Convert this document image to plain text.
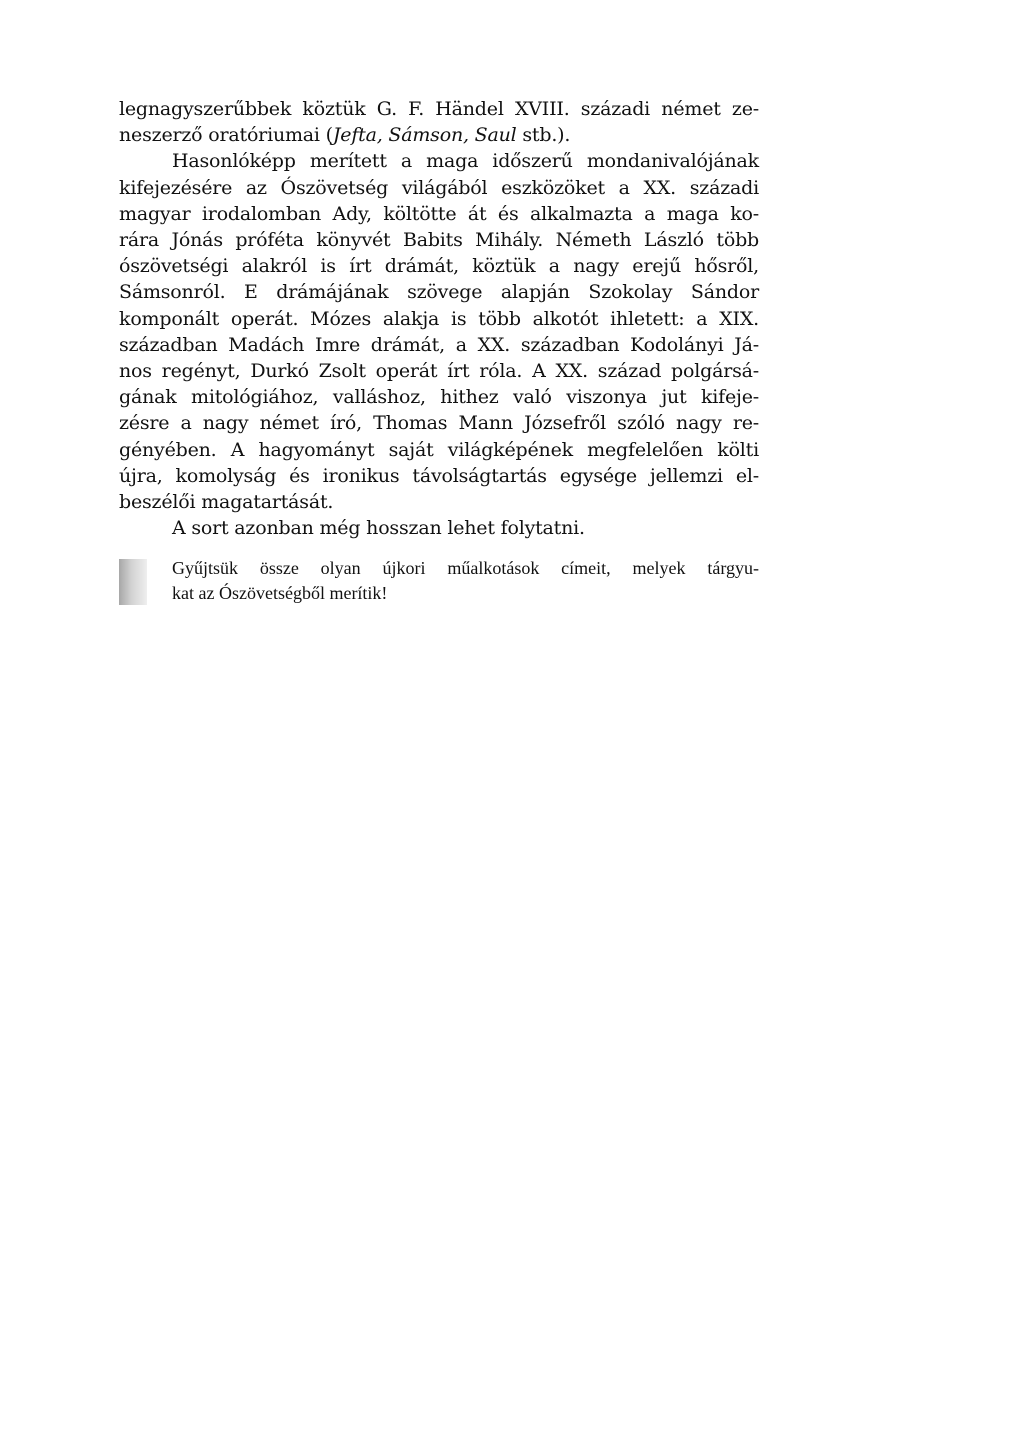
legnagyszerűbbek köztük G. F. Händel XVIII. századi német ze-
neszerző oratóriumai (Jefta, Sámson, Saul stb.).
Hasonlóképp merített a maga időszerű mondanivalójának
kifejezésére az Ószövetség világából eszközöket a XX. századi
magyar irodalomban Ady, költötte át és alkalmazta a maga ko-
rára Jónás próféta könyvét Babits Mihály. Németh László több
ószövetségi alakról is írt drámát, köztük a nagy erejű hősről,
Sámsonról. E drámájának szövege alapján Szokolay Sándor
komponált operát. Mózes alakja is több alkotót ihletett: a XIX.
században Madách Imre drámát, a XX. században Kodolányi Já-
nos regényt, Durkó Zsolt operát írt róla. A XX. század polgársá-
gának mitológiához, valláshoz, hithez való viszonya jut kifeje-
zésre a nagy német író, Thomas Mann Józsefről szóló nagy re-
gényében. A hagyományt saját világképének megfelelően költi
újra, komolyság és ironikus távolságtartás egysége jellemzi el-
beszélői magatartását.
A sort azonban még hosszan lehet folytatni.
Gyűjtsük össze olyan újkori műalkotások címeit, melyek tárgyu-
kat az Ószövetségből merítik!
